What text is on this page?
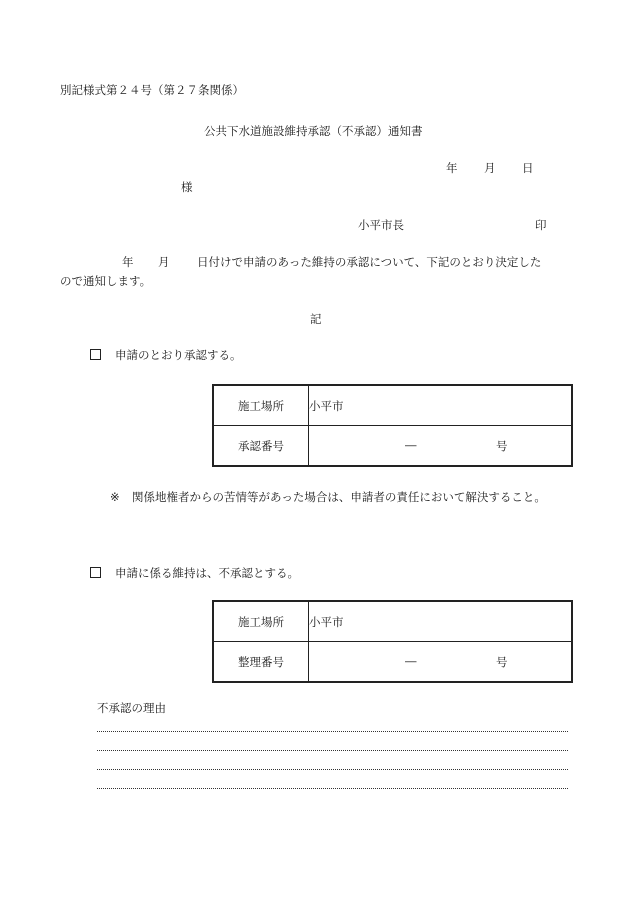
別記様式第２４号（第２７条関係）
公共下水道施設維持承認（不承認）通知書
年 月 日
様
小平市長	印
年 月 日付けで申請のあった維持の承認について、下記のとおり決定した
ので通知します。
記
申請のとおり承認する。
施工場所	小平市
承認番号	― 号
※ 関係地権者からの苦情等があった場合は、申請者の責任において解決すること。
申請に係る維持は、不承認とする。
施工場所	小平市
整理番号	― 号
不承認の理由
